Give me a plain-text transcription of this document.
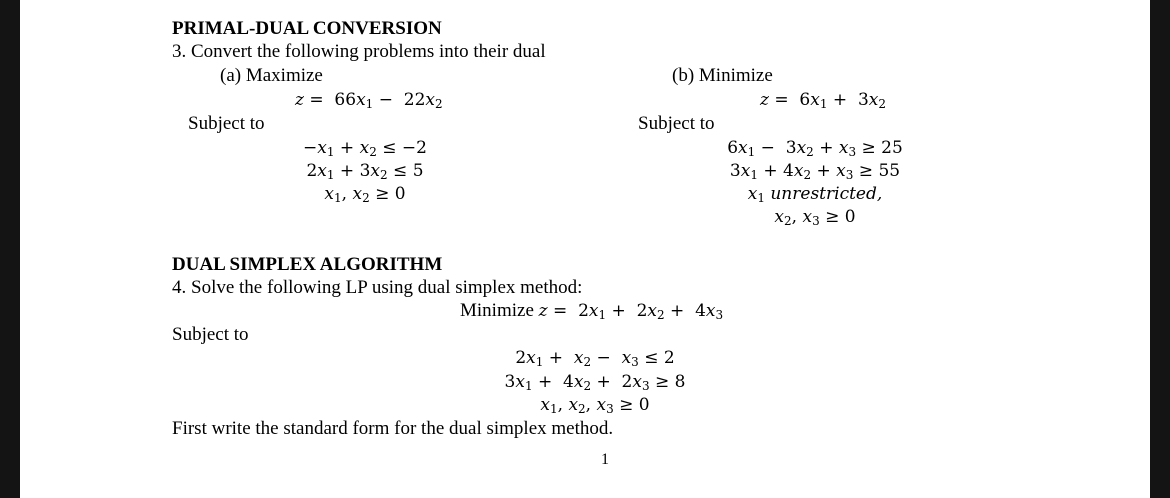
PRIMAL-DUAL CONVERSION
3. Convert the following problems into their dual
(a) Maximize
$z = 66x_1 - 22x_2$
Subject to
$-x_1 + x_2 \le -2$
$2x_1 + 3x_2 \le 5$
$x_1$, $x_2 \ge 0$
(b) Minimize
$z = 6x_1 + 3x_2$
Subject to
$6x_1 - 3x_2 + x_3 \ge 25$
$3x_1 + 4x_2 + x_3 \ge 55$
$x_1$ unrestricted,
$x_2$, $x_3 \ge 0$
DUAL SIMPLEX ALGORITHM
4. Solve the following LP using dual simplex method:
Minimize $z = 2x_1 + 2x_2 + 4x_3$
Subject to
$2x_1 + x_2 - x_3 \le 2$
$3x_1 + 4x_2 + 2x_3 \ge 8$
$x_1$, $x_2$, $x_3 \ge 0$
First write the standard form for the dual simplex method.
1
